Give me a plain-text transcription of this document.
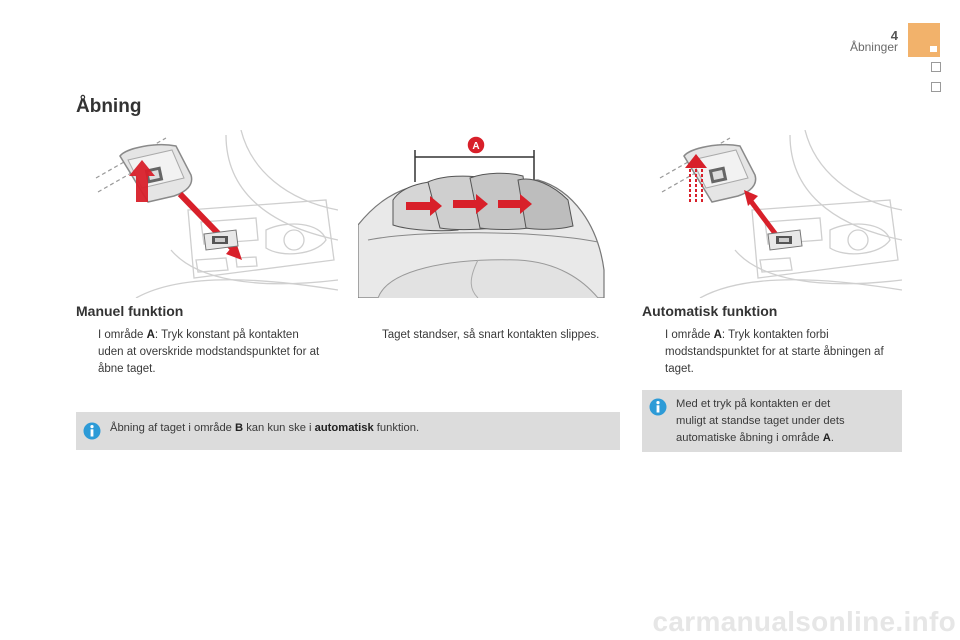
4
Åbninger
Åbning
A
Manuel funktion	Automatisk funktion
I område A: Tryk konstant på kontakten
uden at overskride modstandspunktet for at
åbne taget.
Taget standser, så snart kontakten slippes.	I område A: Tryk kontakten forbi
modstandspunktet for at starte åbningen af
taget.
Åbning af taget i område B kan kun ske i automatisk funktion.
Med et tryk på kontakten er det
muligt at standse taget under dets
automatiske åbning i område A.
carmanualsonline.info
